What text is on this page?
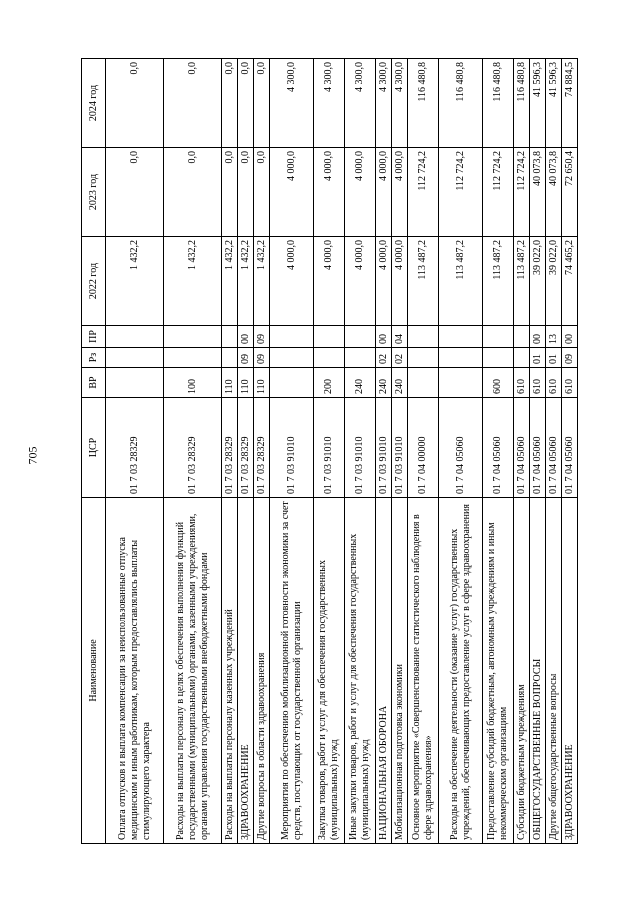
705
Наименование	ЦСР	ВР	Рз	ПР	2022 год	2023 год	2024 год
Оплата отпусков и выплата компенсации за неиспользованные отпуска медицинским и иным работникам, которым предоставлялись выплаты стимулирующего характера	01 7 03 28329				1 432,2	0,0	0,0
Расходы на выплаты персоналу в целях обеспечения выполнения функций государственными (муниципальными) органами, казенными учреждениями, органами управления государственными внебюджетными фондами	01 7 03 28329	100			1 432,2	0,0	0,0
Расходы на выплаты персоналу казенных учреждений	01 7 03 28329	110			1 432,2	0,0	0,0
ЗДРАВООХРАНЕНИЕ	01 7 03 28329	110	09	00	1 432,2	0,0	0,0
Другие вопросы в области здравоохранения	01 7 03 28329	110	09	09	1 432,2	0,0	0,0
Мероприятия по обеспечению мобилизационной готовности экономики за счет средств, поступающих от государственной организации	01 7 03 91010				4 000,0	4 000,0	4 300,0
Закупка товаров, работ и услуг для обеспечения государственных (муниципальных) нужд	01 7 03 91010	200			4 000,0	4 000,0	4 300,0
Иные закупки товаров, работ и услуг для обеспечения государственных (муниципальных) нужд	01 7 03 91010	240			4 000,0	4 000,0	4 300,0
НАЦИОНАЛЬНАЯ ОБОРОНА	01 7 03 91010	240	02	00	4 000,0	4 000,0	4 300,0
Мобилизационная подготовка экономики	01 7 03 91010	240	02	04	4 000,0	4 000,0	4 300,0
Основное мероприятие «Совершенствование статистического наблюдения в сфере здравоохранения»	01 7 04 00000				113 487,2	112 724,2	116 480,8
Расходы на обеспечение деятельности (оказание услуг) государственных учреждений, обеспечивающих предоставление услуг в сфере здравоохранения	01 7 04 05060				113 487,2	112 724,2	116 480,8
Предоставление субсидий бюджетным, автономным учреждениям и иным некоммерческим организациям	01 7 04 05060	600			113 487,2	112 724,2	116 480,8
Субсидии бюджетным учреждениям	01 7 04 05060	610			113 487,2	112 724,2	116 480,8
ОБЩЕГОСУДАРСТВЕННЫЕ ВОПРОСЫ	01 7 04 05060	610	01	00	39 022,0	40 073,8	41 596,3
Другие общегосударственные вопросы	01 7 04 05060	610	01	13	39 022,0	40 073,8	41 596,3
ЗДРАВООХРАНЕНИЕ	01 7 04 05060	610	09	00	74 465,2	72 650,4	74 884,5
